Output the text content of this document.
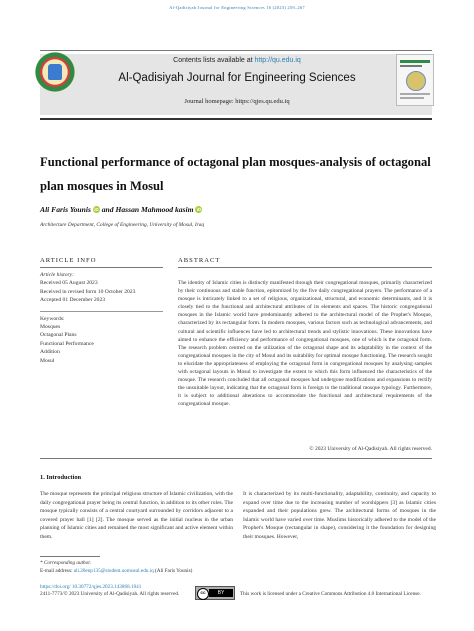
Al-Qadisiyah Journal for Engineering Sciences 16 (2023) 259–267
Contents lists available at http://qu.edu.iq
Al-Qadisiyah Journal for Engineering Sciences
Journal homepage: https://qjes.qu.edu.iq
Functional performance of octagonal plan mosques-analysis of octagonal
plan mosques in Mosul
Ali Faris Younis iD and Hassan Mahmood kasim iD
Architecture Department, College of Engineering, University of Mosul, Iraq
ARTICLE INFO	ABSTRACT
Article history:
Received 05 August 2023
Received in revised form 10 October 2023
Accepted 01 December 2023
Keywords:
Mosques
Octagonal Plans
Functional Performance
Addition
Mosul
The identity of Islamic cities is distinctly manifested through their congregational mosques, primarily characterized by their continuous and stable function, epitomized by the five daily congregational prayers. The performance of a mosque is intricately linked to a set of religious, organizational, structural, and economic determinants, and it is closely tied to the functional and architectural attributes of its elements and spaces. The historic congregational mosques in the Islamic world have predominantly adhered to the architectural model of the Prophet's Mosque, characterized by its rectangular form. In modern mosques, various factors such as technological advancements, and cultural and scientific influences have led to architectural trends and stylistic innovations. These innovations have aimed to enhance the efficiency and performance of congregational mosques, one of which is the octagonal form. The research problem centred on the utilization of the octagonal shape and its adaptability in the context of the congregational mosques in the city of Mosul and its suitability for optimal mosque functioning. The research sought to elucidate the appropriateness of employing the octagonal form in congregational mosques by analysing samples with octagonal layouts in Mosul to investigate the extent to which this form influenced the characteristics of the mosque. The research concluded that all octagonal mosques had undergone modifications and expansions to rectify the unsuitable layout, indicating that the octagonal form is foreign to the traditional mosque typology. Furthermore, it is subject to additional alterations to accommodate the functional and architectural requirements of the congregational mosque.
© 2023 University of Al-Qadisiyah. All rights reserved.
1. Introduction
The mosque represents the principal religious structure of Islamic civilization, with the daily congregational prayer being its central function, in addition to its other roles. The mosque typically consists of a central courtyard surrounded by corridors adjacent to a covered prayer hall [1] [2]. The mosque served as the initial nucleus in the urban planning of Islamic cities and remained the most significant and active element within them.
It is characterized by its multi-functionality, adaptability, continuity, and capacity to expand over time due to the increasing number of worshippers [3] as Islamic cities expanded and their populations grew. The architectural forms of mosques in the Islamic world have varied over time. Muslims historically adhered to the model of the Prophet's Mosque (rectangular in shape), considering it the foundation for designing their mosques. However,
* Corresponding author.
E-mail address: ali.20enp135@student.uomosul.edu.iq (Ali Faris Younis)
https://doi.org/ 10.30772/qjes.2023.143868.1041
2411-7773/© 2023 University of Al-Qadisiyah. All rights reserved.	cc	BY	This work is licensed under a Creative Commons Attribution 4.0 International License.
